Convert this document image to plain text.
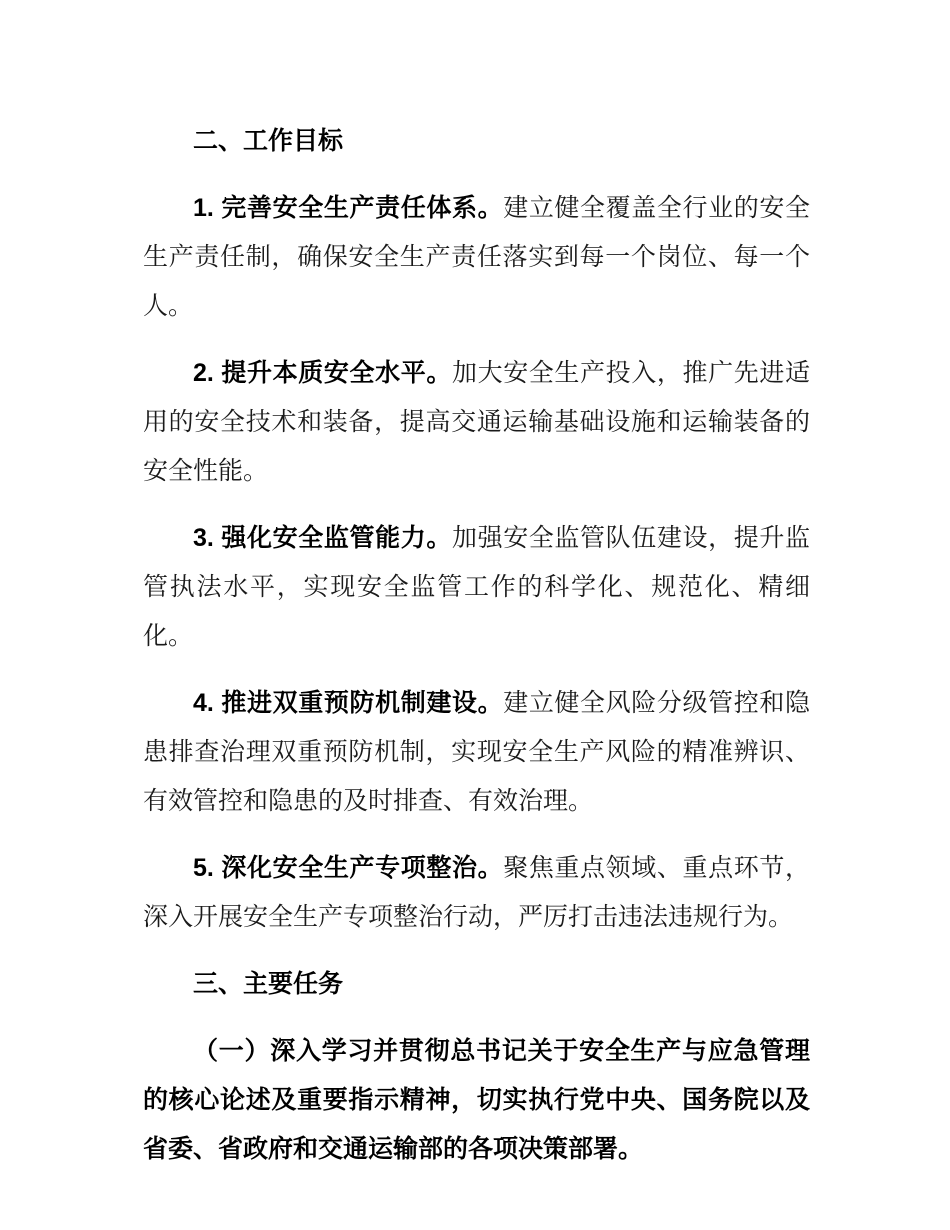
二、工作目标

1. 完善安全生产责任体系。建立健全覆盖全行业的安全生产责任制，确保安全生产责任落实到每一个岗位、每一个人。

2. 提升本质安全水平。加大安全生产投入，推广先进适用的安全技术和装备，提高交通运输基础设施和运输装备的安全性能。

3. 强化安全监管能力。加强安全监管队伍建设，提升监管执法水平，实现安全监管工作的科学化、规范化、精细化。

4. 推进双重预防机制建设。建立健全风险分级管控和隐患排查治理双重预防机制，实现安全生产风险的精准辨识、有效管控和隐患的及时排查、有效治理。

5. 深化安全生产专项整治。聚焦重点领域、重点环节，深入开展安全生产专项整治行动，严厉打击违法违规行为。

三、主要任务

（一）深入学习并贯彻总书记关于安全生产与应急管理的核心论述及重要指示精神，切实执行党中央、国务院以及省委、省政府和交通运输部的各项决策部署。
